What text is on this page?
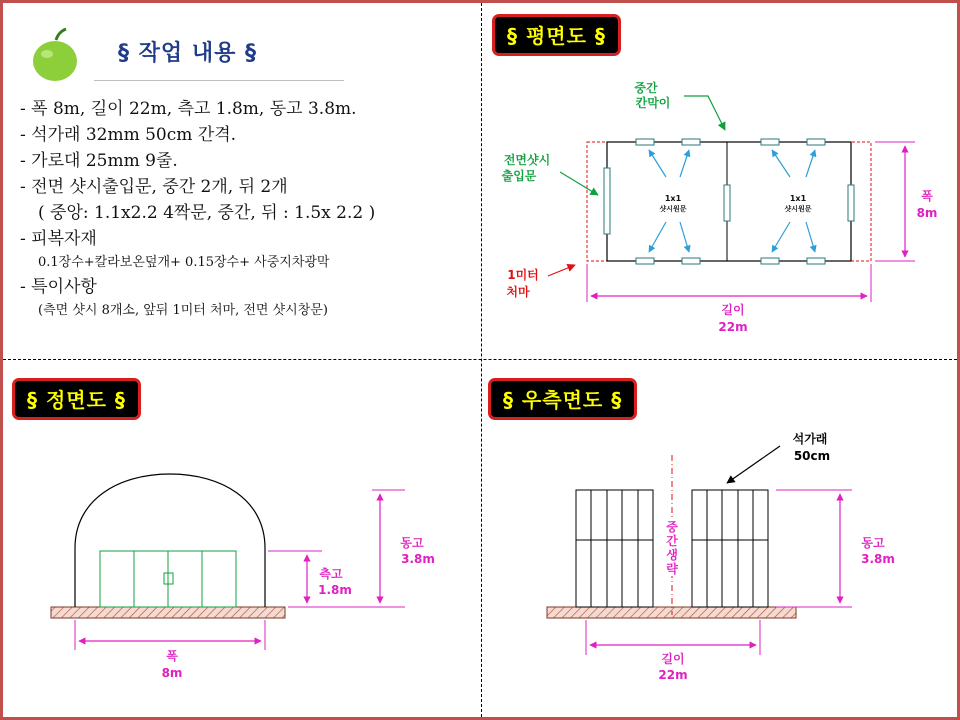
§ 작업 내용 §
- 폭 8m, 길이 22m, 측고 1.8m, 동고 3.8m.
- 석가래 32mm 50cm 간격.
- 가로대 25mm 9줄.
- 전면 샷시출입문, 중간 2개, 뒤 2개
( 중앙: 1.1x2.2 4짝문, 중간, 뒤 : 1.5x 2.2 )
- 피복자재
0.1장수+칼라보온덮개+ 0.15장수+ 사중지차광막
- 특이사항
(측면 샷시 8개소, 앞뒤 1미터 처마, 전면 샷시창문)
§ 평면도 §
§ 정면도 §	§ 우측면도 §
1x1
샷시원문
1x1
샷시원문
중간
칸막이
전면샷시
출입문
1미터
처마
폭
8m
길이
22m
측고
1.8m
동고
3.8m
폭
8m
중
간
생
략
석가래
50cm
동고
3.8m
길이
22m
